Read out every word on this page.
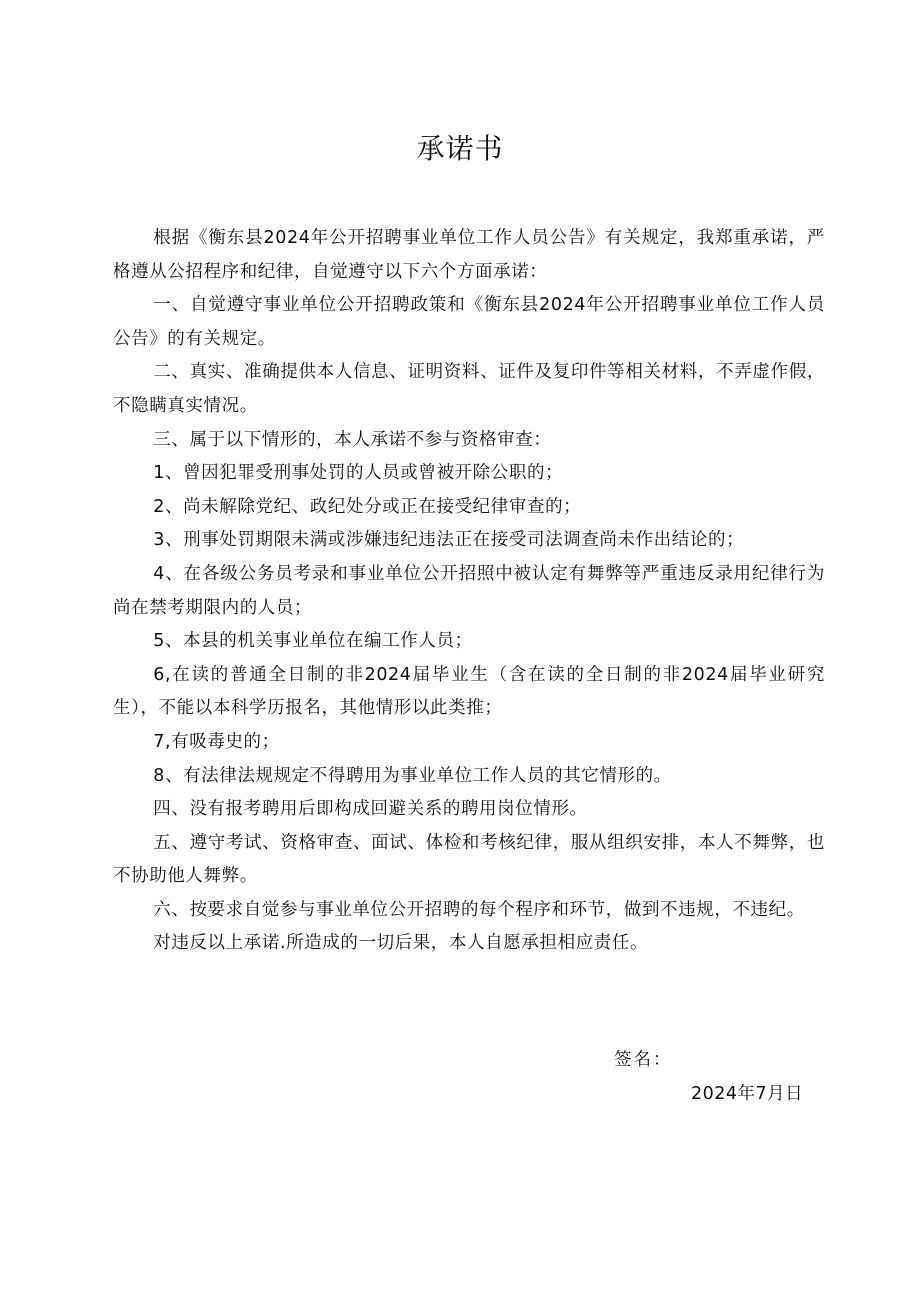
承诺书

根据《衡东县2024年公开招聘事业单位工作人员公告》有关规定，我郑重承诺，严格遵从公招程序和纪律，自觉遵守以下六个方面承诺：

一、自觉遵守事业单位公开招聘政策和《衡东县2024年公开招聘事业单位工作人员公告》的有关规定。

二、真实、准确提供本人信息、证明资料、证件及复印件等相关材料，不弄虚作假，不隐瞒真实情况。

三、属于以下情形的，本人承诺不参与资格审查：

1、曾因犯罪受刑事处罚的人员或曾被开除公职的；

2、尚未解除党纪、政纪处分或正在接受纪律审查的；

3、刑事处罚期限未满或涉嫌违纪违法正在接受司法调查尚未作出结论的；

4、在各级公务员考录和事业单位公开招照中被认定有舞弊等严重违反录用纪律行为尚在禁考期限内的人员；

5、本县的机关事业单位在编工作人员；

6,在读的普通全日制的非2024届毕业生（含在读的全日制的非2024届毕业研究生），不能以本科学历报名，其他情形以此类推；

7,有吸毒史的；

8、有法律法规规定不得聘用为事业单位工作人员的其它情形的。

四、没有报考聘用后即构成回避关系的聘用岗位情形。

五、遵守考试、资格审查、面试、体检和考核纪律，服从组织安排，本人不舞弊，也不协助他人舞弊。

六、按要求自觉参与事业单位公开招聘的每个程序和环节，做到不违规，不违纪。

对违反以上承诺.所造成的一切后果，本人自愿承担相应责任。

签名：
2024年7月日
